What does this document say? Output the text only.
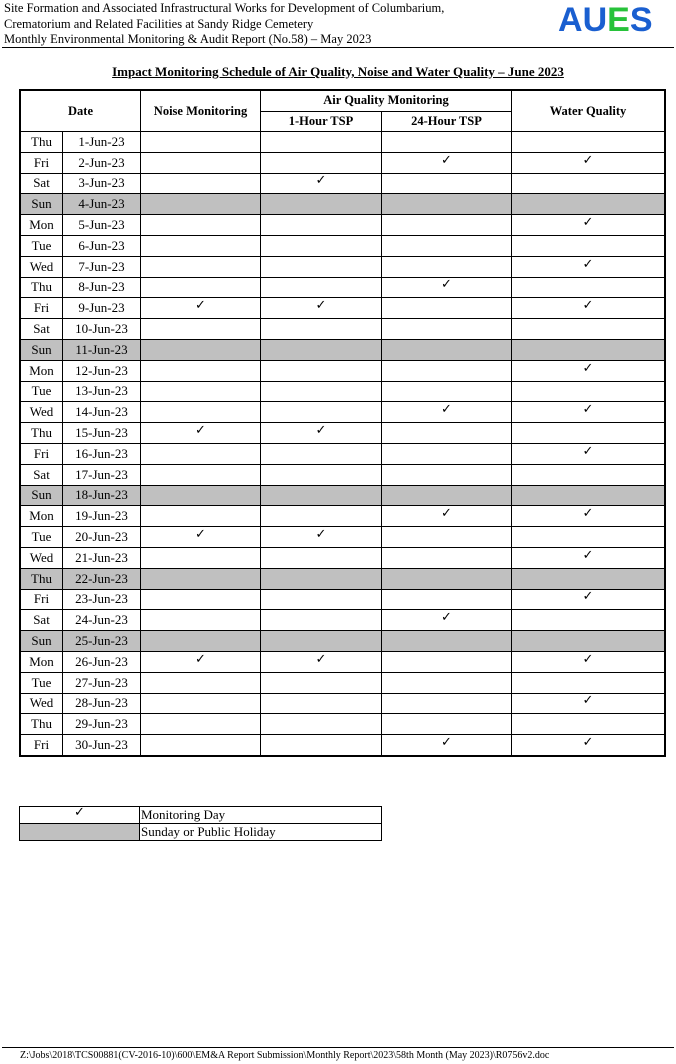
Site Formation and Associated Infrastructural Works for Development of Columbarium,
Crematorium and Related Facilities at Sandy Ridge Cemetery
Monthly Environmental Monitoring & Audit Report (No.58) – May 2023	AUES
Impact Monitoring Schedule of Air Quality, Noise and Water Quality – June 2023
Date		Noise Monitoring	Air Quality Monitoring		Water Quality
			1-Hour TSP	24-Hour TSP	
Thu	1-Jun-23				
Fri	2-Jun-23			✓	✓
Sat	3-Jun-23		✓		
Sun	4-Jun-23				
Mon	5-Jun-23				✓
Tue	6-Jun-23				
Wed	7-Jun-23				✓
Thu	8-Jun-23			✓	
Fri	9-Jun-23	✓	✓		✓
Sat	10-Jun-23				
Sun	11-Jun-23				
Mon	12-Jun-23				✓
Tue	13-Jun-23				
Wed	14-Jun-23			✓	✓
Thu	15-Jun-23	✓	✓		
Fri	16-Jun-23				✓
Sat	17-Jun-23				
Sun	18-Jun-23				
Mon	19-Jun-23			✓	✓
Tue	20-Jun-23	✓	✓		
Wed	21-Jun-23				✓
Thu	22-Jun-23				
Fri	23-Jun-23				✓
Sat	24-Jun-23			✓	
Sun	25-Jun-23				
Mon	26-Jun-23	✓	✓		✓
Tue	27-Jun-23				
Wed	28-Jun-23				✓
Thu	29-Jun-23				
Fri	30-Jun-23			✓	✓
✓	Monitoring Day
	Sunday or Public Holiday
Z:\Jobs\2018\TCS00881(CV-2016-10)\600\EM&A Report Submission\Monthly Report\2023\58th Month (May 2023)\R0756v2.doc
